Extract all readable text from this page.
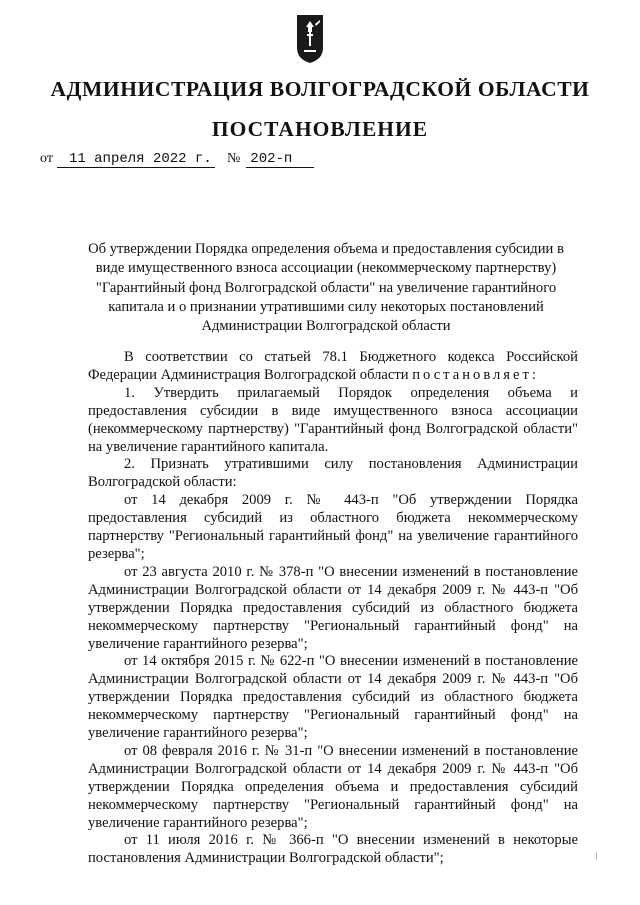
АДМИНИСТРАЦИЯ ВОЛГОГРАДСКОЙ ОБЛАСТИ
ПОСТАНОВЛЕНИЕ
от 11 апреля 2022 г. № 202-п

Об утверждении Порядка определения объема и предоставления субсидии в виде имущественного взноса ассоциации (некоммерческому партнерству) "Гарантийный фонд Волгоградской области" на увеличение гарантийного капитала и о признании утратившими силу некоторых постановлений Администрации Волгоградской области

В соответствии со статьей 78.1 Бюджетного кодекса Российской Федерации Администрация Волгоградской области постановляет:

1. Утвердить прилагаемый Порядок определения объема и предоставления субсидии в виде имущественного взноса ассоциации (некоммерческому партнерству) "Гарантийный фонд Волгоградской области" на увеличение гарантийного капитала.

2. Признать утратившими силу постановления Администрации Волгоградской области:

от 14 декабря 2009 г. № 443-п "Об утверждении Порядка предоставления субсидий из областного бюджета некоммерческому партнерству "Региональный гарантийный фонд" на увеличение гарантийного резерва";

от 23 августа 2010 г. № 378-п "О внесении изменений в постановление Администрации Волгоградской области от 14 декабря 2009 г. № 443-п "Об утверждении Порядка предоставления субсидий из областного бюджета некоммерческому партнерству "Региональный гарантийный фонд" на увеличение гарантийного резерва";

от 14 октября 2015 г. № 622-п "О внесении изменений в постановление Администрации Волгоградской области от 14 декабря 2009 г. № 443-п "Об утверждении Порядка предоставления субсидий из областного бюджета некоммерческому партнерству "Региональный гарантийный фонд" на увеличение гарантийного резерва";

от 08 февраля 2016 г. № 31-п "О внесении изменений в постановление Администрации Волгоградской области от 14 декабря 2009 г. № 443-п "Об утверждении Порядка определения объема и предоставления субсидий некоммерческому партнерству "Региональный гарантийный фонд" на увеличение гарантийного резерва";

от 11 июля 2016 г. № 366-п "О внесении изменений в некоторые постановления Администрации Волгоградской области";
